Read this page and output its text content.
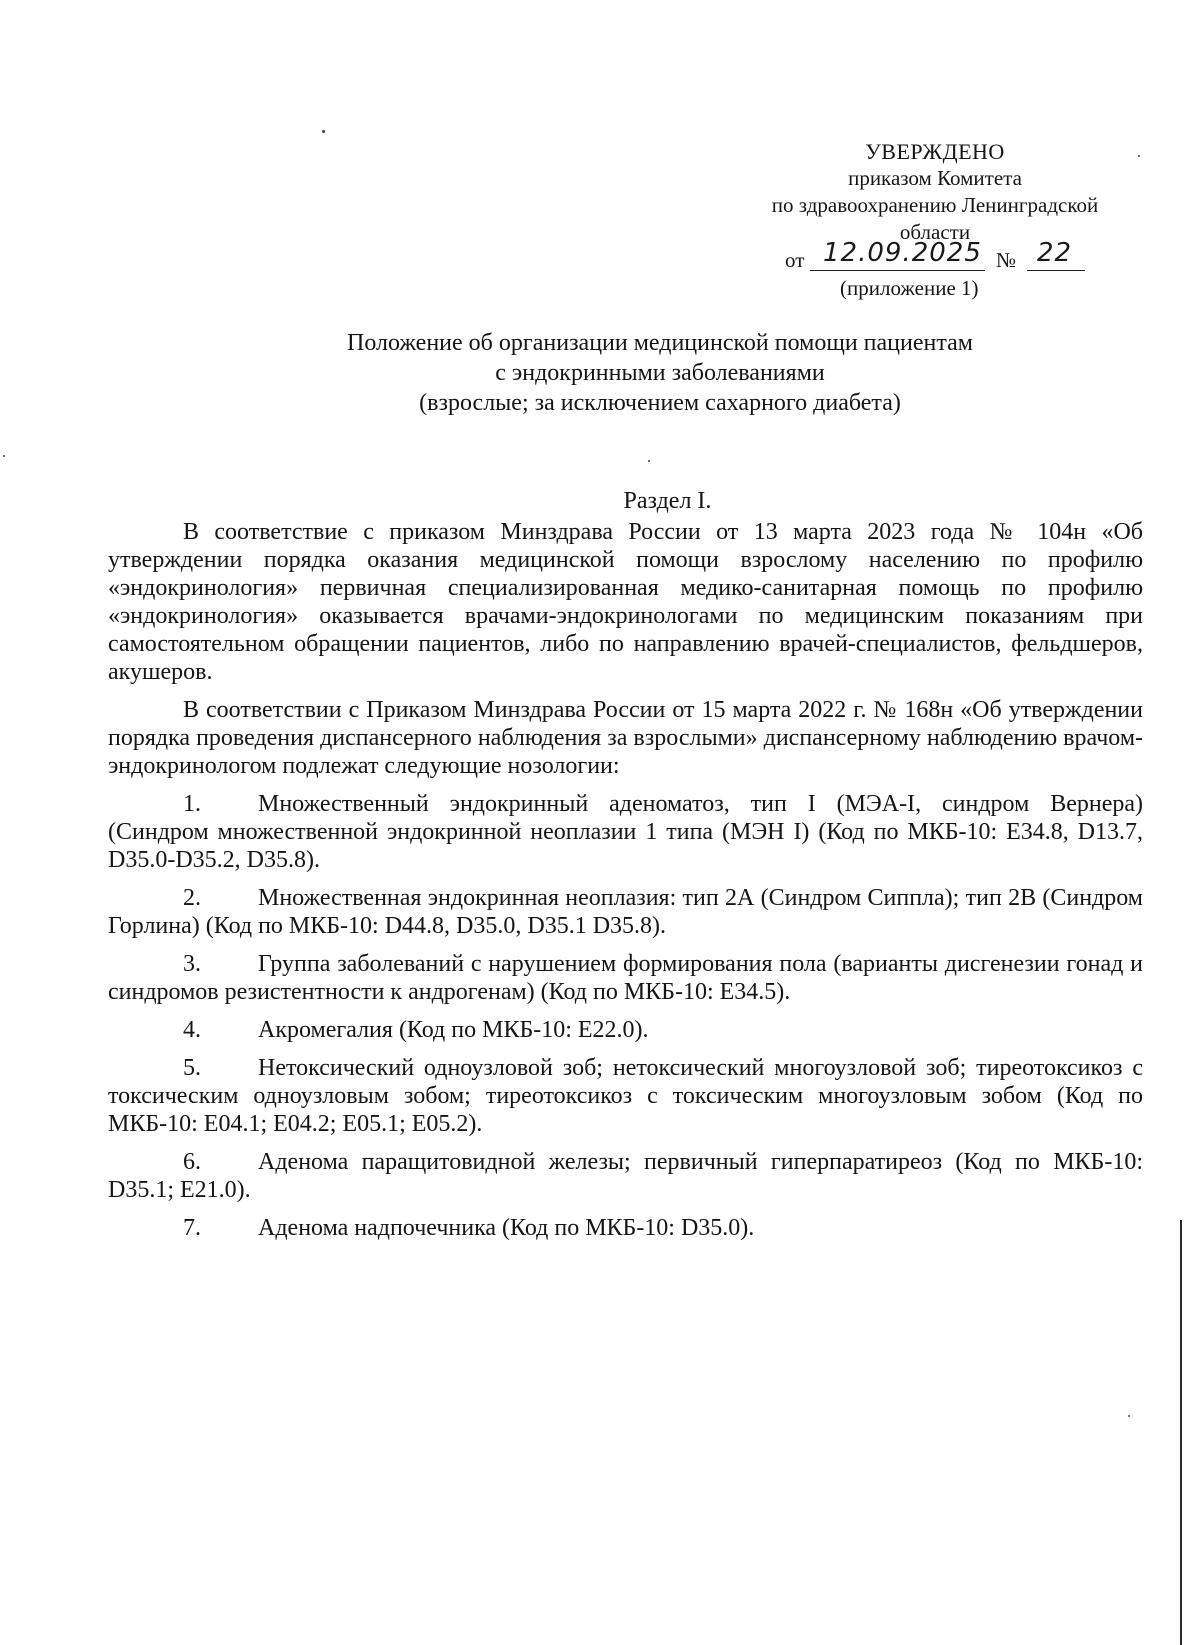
УВЕРЖДЕНО
приказом Комитета
по здравоохранению Ленинградской
области
от 12.09.2025 № 22
(приложение 1)
Положение об организации медицинской помощи пациентам
с эндокринными заболеваниями
(взрослые; за исключением сахарного диабета)
Раздел I.

В соответствие с приказом Минздрава России от 13 марта 2023 года № 104н «Об утверждении порядка оказания медицинской помощи взрослому населению по профилю «эндокринология» первичная специализированная медико-санитарная помощь по профилю «эндокринология» оказывается врачами-эндокринологами по медицинским показаниям при самостоятельном обращении пациентов, либо по направлению врачей-специалистов, фельдшеров, акушеров.

В соответствии с Приказом Минздрава России от 15 марта 2022 г. № 168н «Об утверждении порядка проведения диспансерного наблюдения за взрослыми» диспансерному наблюдению врачом-эндокринологом подлежат следующие нозологии:

1. Множественный эндокринный аденоматоз, тип I (МЭА-I, синдром Вернера) (Синдром множественной эндокринной неоплазии 1 типа (МЭН I) (Код по МКБ-10: E34.8, D13.7, D35.0-D35.2, D35.8).
2. Множественная эндокринная неоплазия: тип 2А (Синдром Сиппла); тип 2В (Синдром Горлина) (Код по МКБ-10: D44.8, D35.0, D35.1 D35.8).
3. Группа заболеваний с нарушением формирования пола (варианты дисгенезии гонад и синдромов резистентности к андрогенам) (Код по МКБ-10: E34.5).
4. Акромегалия (Код по МКБ-10: E22.0).
5. Нетоксический одноузловой зоб; нетоксический многоузловой зоб; тиреотоксикоз с токсическим одноузловым зобом; тиреотоксикоз с токсическим многоузловым зобом (Код по МКБ-10: E04.1; E04.2; E05.1; E05.2).
6. Аденома паращитовидной железы; первичный гиперпаратиреоз (Код по МКБ-10: D35.1; E21.0).
7. Аденома надпочечника (Код по МКБ-10: D35.0).
